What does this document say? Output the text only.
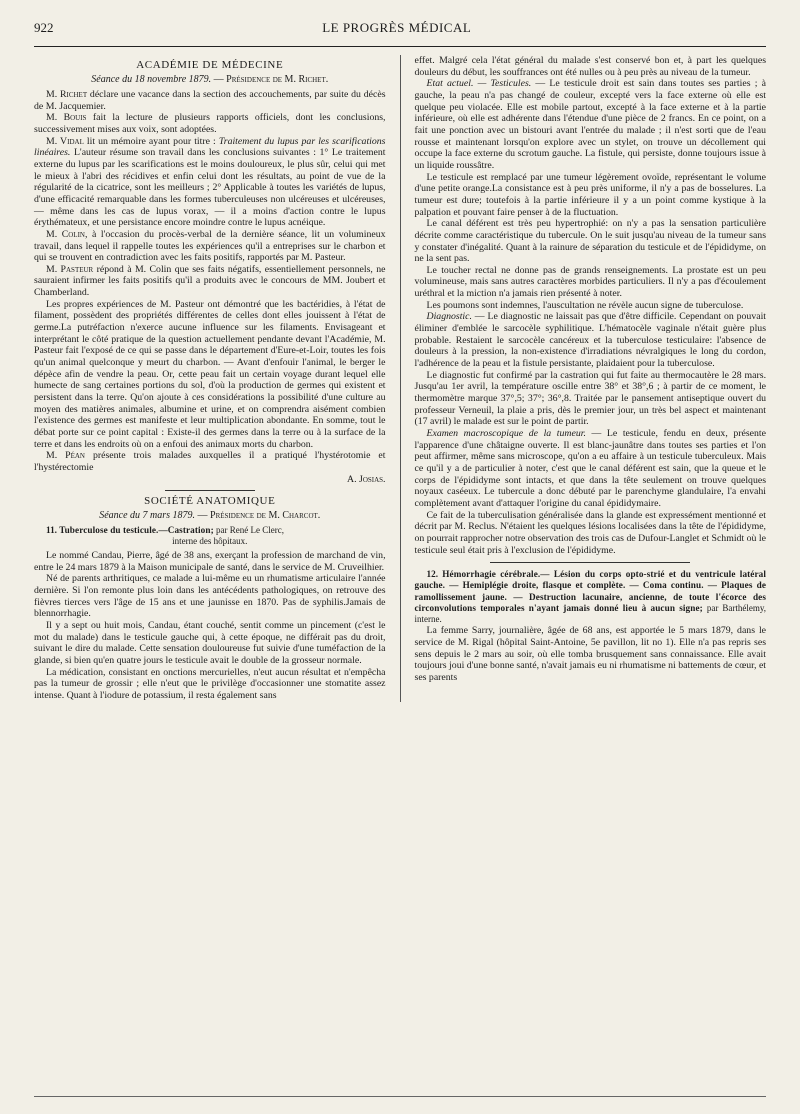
922	LE PROGRÈS MÉDICAL
ACADÉMIE DE MÉDECINE
Séance du 18 novembre 1879. — Présidence de M. Richet.

M. Richet déclare une vacance dans la section des accouchements, par suite du décès de M. Jacquemier.

M. Bouis fait la lecture de plusieurs rapports officiels, dont les conclusions, successivement mises aux voix, sont adoptées.

M. Vidal lit un mémoire ayant pour titre : Traitement du lupus par les scarifications linéaires. L'auteur résume son travail dans les conclusions suivantes : 1° Le traitement externe du lupus par les scarifications est le moins douloureux, le plus sûr, celui qui met le mieux à l'abri des récidives et enfin celui dont les résultats, au point de vue de la régularité de la cicatrice, sont les meilleurs ; 2° Applicable à toutes les variétés de lupus, d'une efficacité remarquable dans les formes tuberculeuses non ulcéreuses et ulcéreuses, — même dans les cas de lupus vorax, — il a moins d'action contre le lupus érythémateux, et une persistance encore moindre contre le lupus acnéique.

M. Colin, à l'occasion du procès-verbal de la dernière séance, lit un volumineux travail, dans lequel il rappelle toutes les expériences qu'il a entreprises sur le charbon et qui se trouvent en contradiction avec les faits positifs, rapportés par M. Pasteur.

M. Pasteur répond à M. Colin que ses faits négatifs, essentiellement personnels, ne sauraient infirmer les faits positifs qu'il a produits avec le concours de MM. Joubert et Chamberland.

Les propres expériences de M. Pasteur ont démontré que les bactéridies, à l'état de filament, possèdent des propriétés différentes de celles dont elles jouissent à l'état de germe.La putréfaction n'exerce aucune influence sur les filaments. Envisageant et interprétant le côté pratique de la question actuellement pendante devant l'Académie, M. Pasteur fait l'exposé de ce qui se passe dans le département d'Eure-et-Loir, toutes les fois qu'un animal quelconque y meurt du charbon. — Avant d'enfouir l'animal, le berger le dépèce afin de vendre la peau. Or, cette peau fait un certain voyage durant lequel elle humecte de sang certaines portions du sol, d'où la production de germes qui existent et persistent dans la terre. Qu'on ajoute à ces considérations la possibilité d'une culture au moyen des matières animales, albumine et urine, et on comprendra aisément combien l'existence des germes est manifeste et leur multiplication abondante. En somme, tout le débat porte sur ce point capital : Existe-il des germes dans la terre ou à la surface de la terre et dans les endroits où on a enfoui des animaux morts du charbon.

M. Péan présente trois malades auxquelles il a pratiqué l'hystérotomie et l'hystérectomie

A. Josias.
SOCIÉTÉ ANATOMIQUE
Séance du 7 mars 1879. — Présidence de M. Charcot.
11. Tuberculose du testicule.—Castration; par René Le Clerc,
interne des hôpitaux.

Le nommé Candau, Pierre, âgé de 38 ans, exerçant la profession de marchand de vin, entre le 24 mars 1879 à la Maison municipale de santé, dans le service de M. Cruveilhier.

Né de parents arthritiques, ce malade a lui-même eu un rhumatisme articulaire l'année dernière. Si l'on remonte plus loin dans les antécédents pathologiques, on retrouve des fièvres tierces vers l'âge de 15 ans et une jaunisse en 1870. Pas de syphilis.Jamais de blennorrhagie.

Il y a sept ou huit mois, Candau, étant couché, sentit comme un pincement (c'est le mot du malade) dans le testicule gauche qui, à cette époque, ne différait pas du droit, suivant le dire du malade. Cette sensation douloureuse fut suivie d'une tuméfaction de la glande, si bien qu'en quatre jours le testicule avait le double de la grosseur normale.

La médication, consistant en onctions mercurielles, n'eut aucun résultat et n'empêcha pas la tumeur de grossir ; elle n'eut que le privilège d'occasionner une stomatite assez intense. Quant à l'iodure de potassium, il resta également sans

effet. Malgré cela l'état général du malade s'est conservé bon et, à part les quelques douleurs du début, les souffrances ont été nulles ou à peu près au niveau de la tumeur.

Etat actuel. — Testicules. — Le testicule droit est sain dans toutes ses parties ; à gauche, la peau n'a pas changé de couleur, excepté vers la face externe où elle est quelque peu violacée. Elle est mobile partout, excepté à la face externe et à la partie inférieure, où elle est adhérente dans l'étendue d'une pièce de 2 francs. En ce point, on a fait une ponction avec un bistouri avant l'entrée du malade ; il n'est sorti que de l'eau rousse et maintenant lorsqu'on explore avec un stylet, on trouve un décollement qui occupe la face externe du scrotum gauche. La fistule, qui persiste, donne toujours issue à un liquide roussâtre.

Le testicule est remplacé par une tumeur légèrement ovoïde, représentant le volume d'une petite orange.La consistance est à peu près uniforme, il n'y a pas de bosselures. La tumeur est dure; toutefois à la partie inférieure il y a un point comme kystique à la palpation et pouvant faire penser à de la fluctuation.

Le canal déférent est très peu hypertrophié: on n'y a pas la sensation particulière décrite comme caractéristique du tubercule. On le suit jusqu'au niveau de la tumeur sans y constater d'inégalité. Quant à la rainure de séparation du testicule et de l'épididyme, on ne la sent pas.

Le toucher rectal ne donne pas de grands renseignements. La prostate est un peu volumineuse, mais sans autres caractères morbides particuliers. Il n'y a pas d'écoulement uréthral et la miction n'a jamais rien présenté à noter.

Les poumons sont indemnes, l'auscultation ne révèle aucun signe de tuberculose.

Diagnostic. — Le diagnostic ne laissait pas que d'être difficile. Cependant on pouvait éliminer d'emblée le sarcocèle syphilitique. L'hématocèle vaginale n'était guère plus probable. Restaient le sarcocèle cancéreux et la tuberculose testiculaire: l'absence de douleurs à la pression, la non-existence d'irradiations névralgiques le long du cordon, l'adhérence de la peau et la fistule persistante, plaidaient pour la tuberculose.

Le diagnostic fut confirmé par la castration qui fut faite au thermocautère le 28 mars. Jusqu'au 1er avril, la température oscille entre 38° et 38°,6 ; à partir de ce moment, le thermomètre marque 37°,5; 37°; 36°,8. Traitée par le pansement antiseptique ouvert du professeur Verneuil, la plaie a pris, dès le premier jour, un très bel aspect et maintenant (17 avril) le malade est sur le point de partir.

Examen macroscopique de la tumeur. — Le testicule, fendu en deux, présente l'apparence d'une châtaigne ouverte. Il est blanc-jaunâtre dans toutes ses parties et l'on peut affirmer, même sans microscope, qu'on a eu affaire à un testicule tuberculeux. Mais ce qu'il y a de particulier à noter, c'est que le canal déférent est sain, que la queue et le corps de l'épididyme sont intacts, et que dans la tête seulement on trouve quelques noyaux caséeux. Le tubercule a donc débuté par le parenchyme glandulaire, l'a envahi complètement avant d'attaquer l'origine du canal épididymaire.

Ce fait de la tuberculisation généralisée dans la glande est expressément mentionné et décrit par M. Reclus. N'étaient les quelques lésions localisées dans la tête de l'épididyme, on pourrait rapprocher notre observation des trois cas de Dufour-Langlet et Schmidt où le testicule seul était pris à l'exclusion de l'épididyme.

12. Hémorrhagie cérébrale.— Lésion du corps opto-strié et du ventricule latéral gauche. — Hemiplégie droite, flasque et complète. — Coma continu. — Plaques de ramollissement jaune. — Destruction lacunaire, ancienne, de toute l'écorce des circonvolutions temporales n'ayant jamais donné lieu à aucun signe; par Barthélemy, interne.

La femme Sarry, journalière, âgée de 68 ans, est apportée le 5 mars 1879, dans le service de M. Rigal (hôpital Saint-Antoine, 5e pavillon, lit no 1). Elle n'a pas repris ses sens depuis le 2 mars au soir, où elle tomba brusquement sans connaissance. Elle avait toujours joui d'une bonne santé, n'avait jamais eu ni rhumatisme ni battements de cœur, et ses parents
